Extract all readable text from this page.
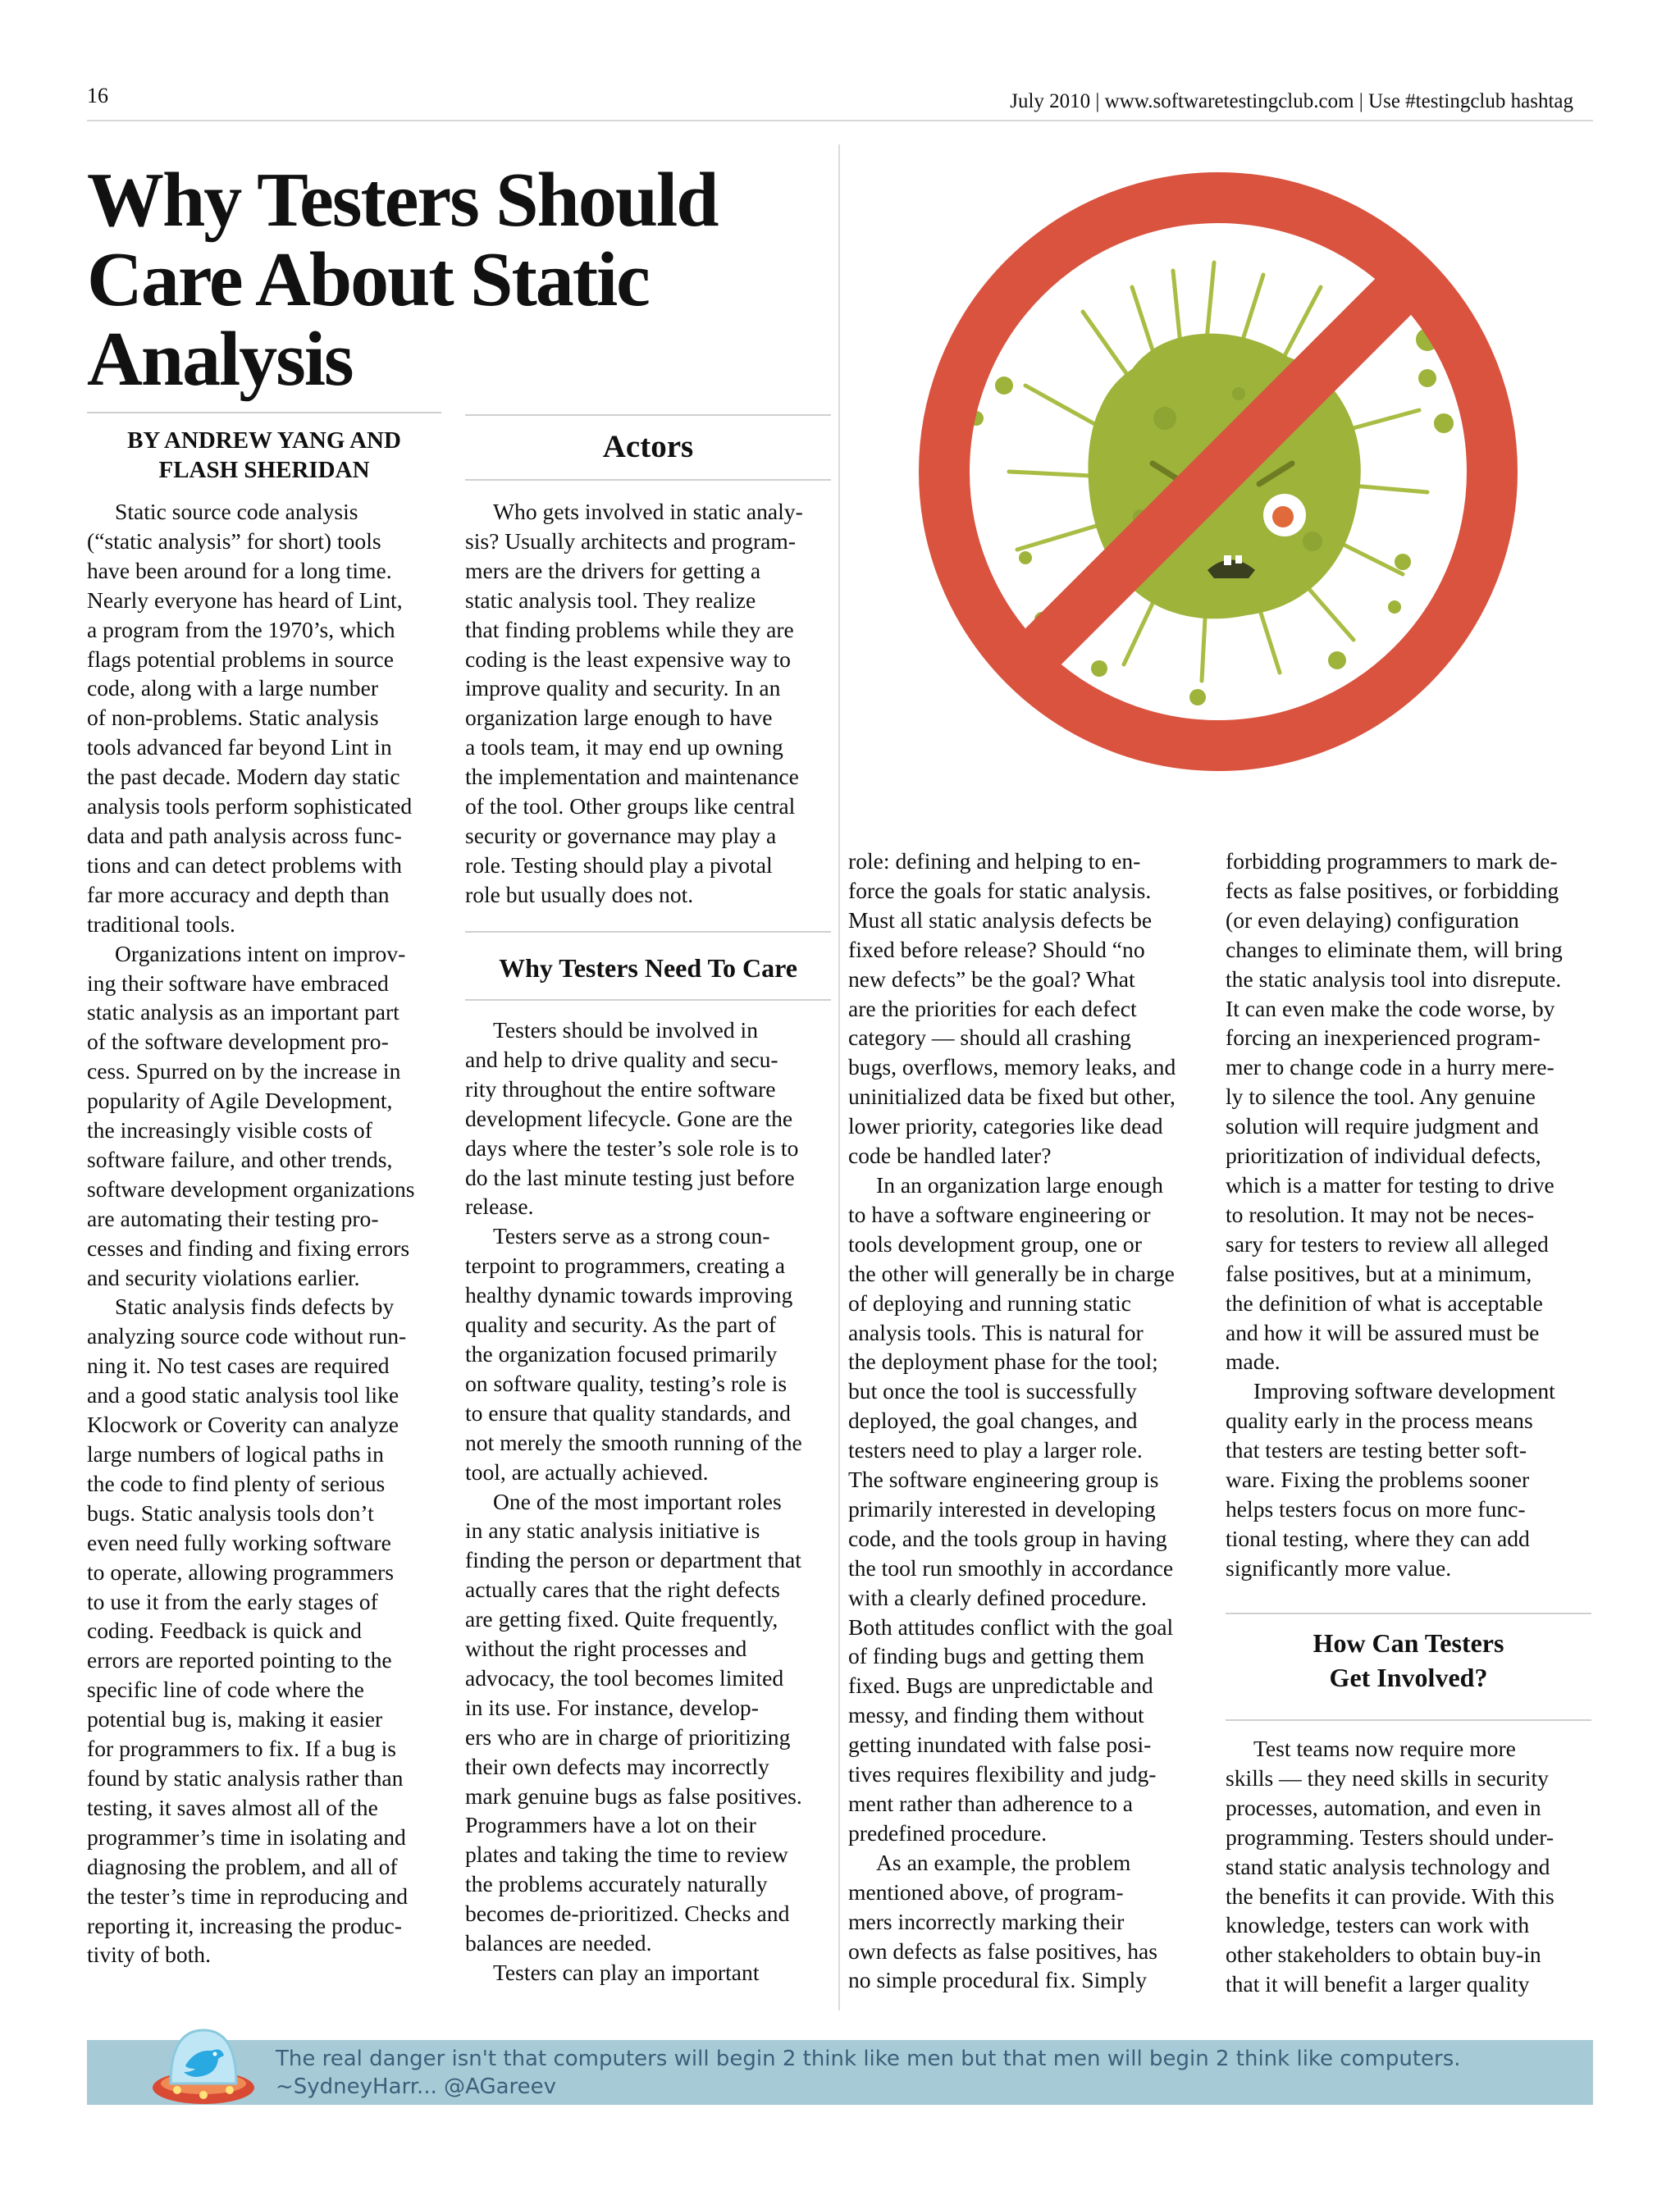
16	July 2010 | www.softwaretestingclub.com | Use #testingclub hashtag
Why Testers Should
Care About Static
Analysis
BY ANDREW YANG AND
FLASH SHERIDAN

Static source code analysis

(“static analysis” for short) tools

have been around for a long time.

Nearly everyone has heard of Lint,

a program from the 1970’s, which

flags potential problems in source

code, along with a large number

of non-problems. Static analysis

tools advanced far beyond Lint in

the past decade. Modern day static

analysis tools perform sophisticated

data and path analysis across func-

tions and can detect problems with

far more accuracy and depth than

traditional tools.

Organizations intent on improv-

ing their software have embraced

static analysis as an important part

of the software development pro-

cess. Spurred on by the increase in

popularity of Agile Development,

the increasingly visible costs of

software failure, and other trends,

software development organizations

are automating their testing pro-

cesses and finding and fixing errors

and security violations earlier.

Static analysis finds defects by

analyzing source code without run-

ning it. No test cases are required

and a good static analysis tool like

Klocwork or Coverity can analyze

large numbers of logical paths in

the code to find plenty of serious

bugs. Static analysis tools don’t

even need fully working software

to operate, allowing programmers

to use it from the early stages of

coding. Feedback is quick and

errors are reported pointing to the

specific line of code where the

potential bug is, making it easier

for programmers to fix. If a bug is

found by static analysis rather than

testing, it saves almost all of the

programmer’s time in isolating and

diagnosing the problem, and all of

the tester’s time in reproducing and

reporting it, increasing the produc-

tivity of both.

Actors

Who gets involved in static analy-

sis? Usually architects and program-

mers are the drivers for getting a

static analysis tool. They realize

that finding problems while they are

coding is the least expensive way to

improve quality and security. In an

organization large enough to have

a tools team, it may end up owning

the implementation and maintenance

of the tool. Other groups like central

security or governance may play a

role. Testing should play a pivotal

role but usually does not.

Why Testers Need To Care

Testers should be involved in

and help to drive quality and secu-

rity throughout the entire software

development lifecycle. Gone are the

days where the tester’s sole role is to

do the last minute testing just before

release.

Testers serve as a strong coun-

terpoint to programmers, creating a

healthy dynamic towards improving

quality and security. As the part of

the organization focused primarily

on software quality, testing’s role is

to ensure that quality standards, and

not merely the smooth running of the

tool, are actually achieved.

One of the most important roles

in any static analysis initiative is

finding the person or department that

actually cares that the right defects

are getting fixed. Quite frequently,

without the right processes and

advocacy, the tool becomes limited

in its use. For instance, develop-

ers who are in charge of prioritizing

their own defects may incorrectly

mark genuine bugs as false positives.

Programmers have a lot on their

plates and taking the time to review

the problems accurately naturally

becomes de-prioritized. Checks and

balances are needed.

Testers can play an important

role: defining and helping to en-

force the goals for static analysis.

Must all static analysis defects be

fixed before release? Should “no

new defects” be the goal? What

are the priorities for each defect

category — should all crashing

bugs, overflows, memory leaks, and

uninitialized data be fixed but other,

lower priority, categories like dead

code be handled later?

In an organization large enough

to have a software engineering or

tools development group, one or

the other will generally be in charge

of deploying and running static

analysis tools. This is natural for

the deployment phase for the tool;

but once the tool is successfully

deployed, the goal changes, and

testers need to play a larger role.

The software engineering group is

primarily interested in developing

code, and the tools group in having

the tool run smoothly in accordance

with a clearly defined procedure.

Both attitudes conflict with the goal

of finding bugs and getting them

fixed. Bugs are unpredictable and

messy, and finding them without

getting inundated with false posi-

tives requires flexibility and judg-

ment rather than adherence to a

predefined procedure.

As an example, the problem

mentioned above, of program-

mers incorrectly marking their

own defects as false positives, has

no simple procedural fix. Simply

forbidding programmers to mark de-

fects as false positives, or forbidding

(or even delaying) configuration

changes to eliminate them, will bring

the static analysis tool into disrepute.

It can even make the code worse, by

forcing an inexperienced program-

mer to change code in a hurry mere-

ly to silence the tool. Any genuine

solution will require judgment and

prioritization of individual defects,

which is a matter for testing to drive

to resolution. It may not be neces-

sary for testers to review all alleged

false positives, but at a minimum,

the definition of what is acceptable

and how it will be assured must be

made.

Improving software development

quality early in the process means

that testers are testing better soft-

ware. Fixing the problems sooner

helps testers focus on more func-

tional testing, where they can add

significantly more value.

How Can Testers
Get Involved?

Test teams now require more

skills — they need skills in security

processes, automation, and even in

programming. Testers should under-

stand static analysis technology and

the benefits it can provide. With this

knowledge, testers can work with

other stakeholders to obtain buy-in

that it will benefit a larger quality

The real danger isn't that computers will begin 2 think like men but that men will begin 2 think like computers.
~SydneyHarr... @AGareev
